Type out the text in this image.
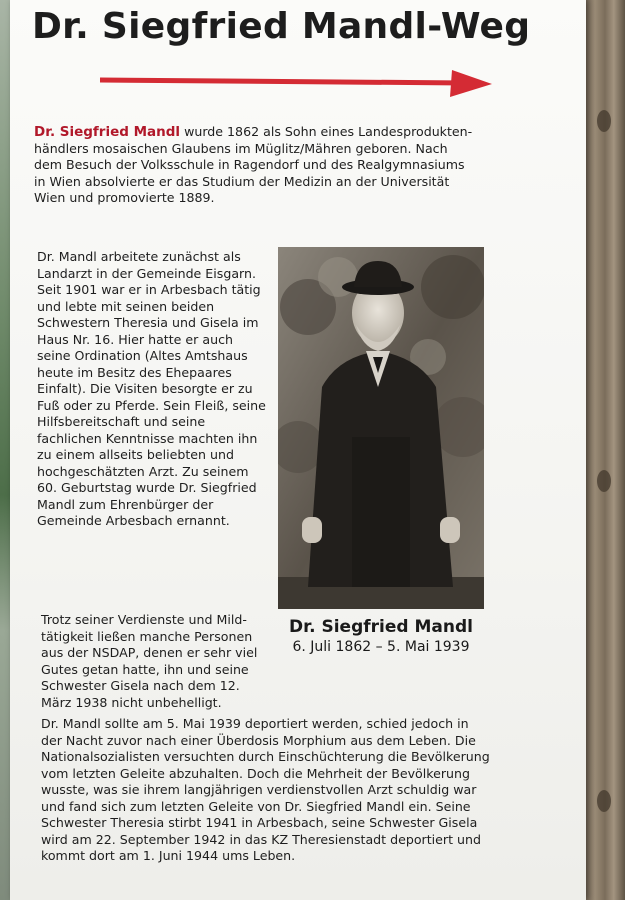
Dr. Siegfried Mandl-Weg

Dr. Siegfried Mandl wurde 1862 als Sohn eines Landesprodukten-händlers mosaischen Glaubens im Müglitz/Mähren geboren. Nach dem Besuch der Volksschule in Ragendorf und des Realgymnasiums in Wien absolvierte er das Studium der Medizin an der Universität Wien und promovierte 1889.

Dr. Mandl arbeitete zunächst als Landarzt in der Gemeinde Eisgarn. Seit 1901 war er in Arbesbach tätig und lebte mit seinen beiden Schwestern Theresia und Gisela im Haus Nr. 16. Hier hatte er auch seine Ordination (Altes Amtshaus heute im Besitz des Ehepaares Einfalt). Die Visiten besorgte er zu Fuß oder zu Pferde. Sein Fleiß, seine Hilfsbereitschaft und seine fachlichen Kenntnisse machten ihn zu einem allseits beliebten und hochgeschätzten Arzt. Zu seinem 60. Geburtstag wurde Dr. Siegfried Mandl zum Ehrenbürger der Gemeinde Arbesbach ernannt.

Dr. Siegfried Mandl

6. Juli 1862 – 5. Mai 1939

Trotz seiner Verdienste und Mild-tätigkeit ließen manche Personen aus der NSDAP, denen er sehr viel Gutes getan hatte, ihn und seine Schwester Gisela nach dem 12. März 1938 nicht unbehelligt.

Dr. Mandl sollte am 5. Mai 1939 deportiert werden, schied jedoch in der Nacht zuvor nach einer Überdosis Morphium aus dem Leben. Die Nationalsozialisten versuchten durch Einschüchterung die Bevölkerung vom letzten Geleite abzuhalten. Doch die Mehrheit der Bevölkerung wusste, was sie ihrem langjährigen verdienstvollen Arzt schuldig war und fand sich zum letzten Geleite von Dr. Siegfried Mandl ein. Seine Schwester Theresia stirbt 1941 in Arbesbach, seine Schwester Gisela wird am 22. September 1942 in das KZ Theresienstadt deportiert und kommt dort am 1. Juni 1944 ums Leben.
